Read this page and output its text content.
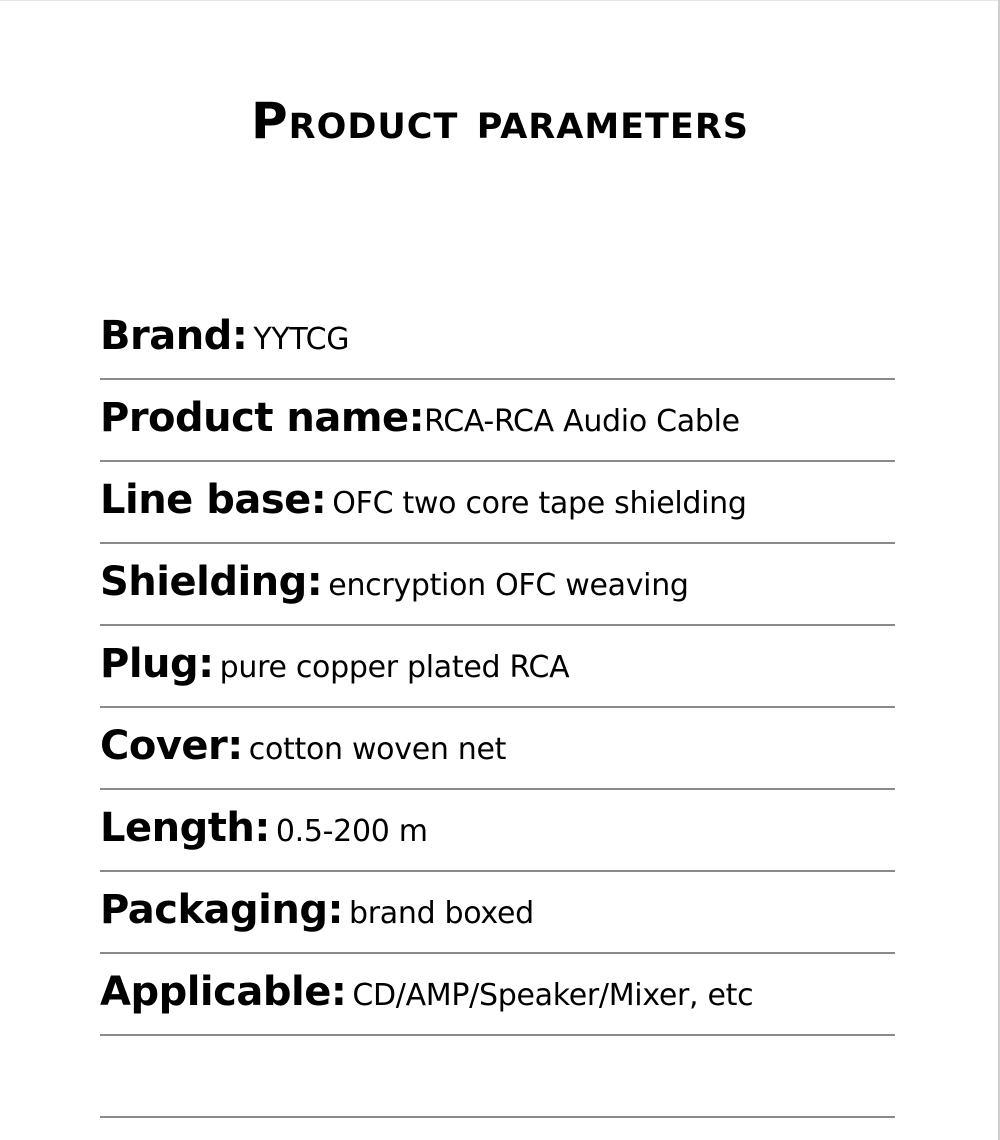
Product parameters
Brand: YYTCG
Product name:RCA-RCA Audio Cable
Line base: OFC two core tape shielding
Shielding: encryption OFC weaving
Plug: pure copper plated RCA
Cover: cotton woven net
Length: 0.5-200 m
Packaging: brand boxed
Applicable: CD/AMP/Speaker/Mixer, etc
